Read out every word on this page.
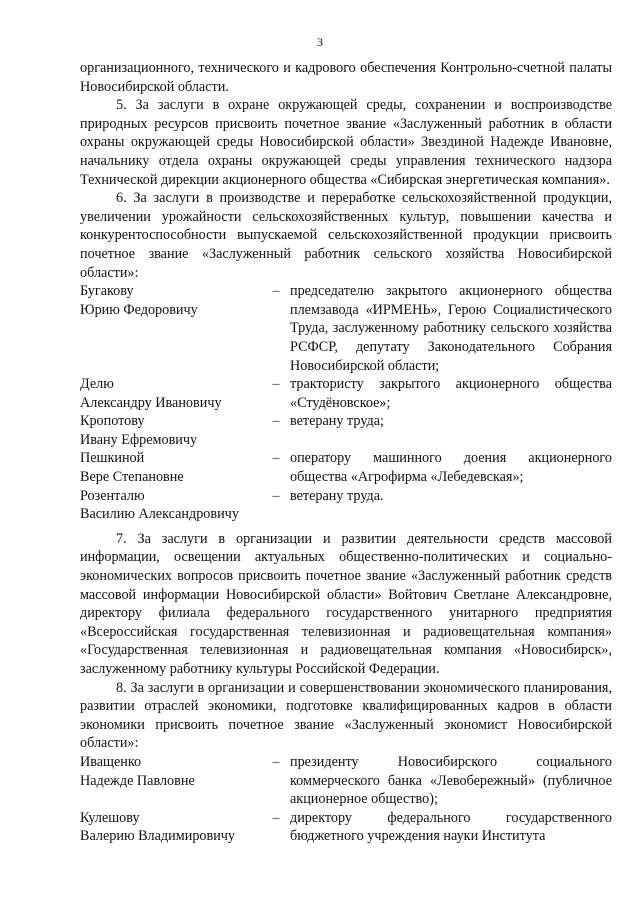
3

организационного, технического и кадрового обеспечения Контрольно-счетной палаты Новосибирской области.

5. За заслуги в охране окружающей среды, сохранении и воспроизводстве природных ресурсов присвоить почетное звание «Заслуженный работник в области охраны окружающей среды Новосибирской области» Звездиной Надежде Ивановне, начальнику отдела охраны окружающей среды управления технического надзора Технической дирекции акционерного общества «Сибирская энергетическая компания».

6. За заслуги в производстве и переработке сельскохозяйственной продукции, увеличении урожайности сельскохозяйственных культур, повышении качества и конкурентоспособности выпускаемой сельскохозяйственной продукции присвоить почетное звание «Заслуженный работник сельского хозяйства Новосибирской области»:

Бугакову
Юрию Федоровичу
– председателю закрытого акционерного общества племзавода «ИРМЕНЬ», Герою Социалистического Труда, заслуженному работнику сельского хозяйства РСФСР, депутату Законодательного Собрания Новосибирской области;

Делю
Александру Ивановичу
– трактористу закрытого акционерного общества «Студёновское»;

Кропотову
Ивану Ефремовичу
– ветерану труда;

Пешкиной
Вере Степановне
– оператору машинного доения акционерного общества «Агрофирма «Лебедевская»;

Розенталю
Василию Александровичу
– ветерану труда.

7. За заслуги в организации и развитии деятельности средств массовой информации, освещении актуальных общественно-политических и социально-экономических вопросов присвоить почетное звание «Заслуженный работник средств массовой информации Новосибирской области» Войтович Светлане Александровне, директору филиала федерального государственного унитарного предприятия «Всероссийская государственная телевизионная и радиовещательная компания» «Государственная телевизионная и радиовещательная компания «Новосибирск», заслуженному работнику культуры Российской Федерации.

8. За заслуги в организации и совершенствовании экономического планирования, развитии отраслей экономики, подготовке квалифицированных кадров в области экономики присвоить почетное звание «Заслуженный экономист Новосибирской области»:

Иващенко
Надежде Павловне
– президенту Новосибирского социального коммерческого банка «Левобережный» (публичное акционерное общество);

Кулешову
Валерию Владимировичу
– директору федерального государственного бюджетного учреждения науки Института
